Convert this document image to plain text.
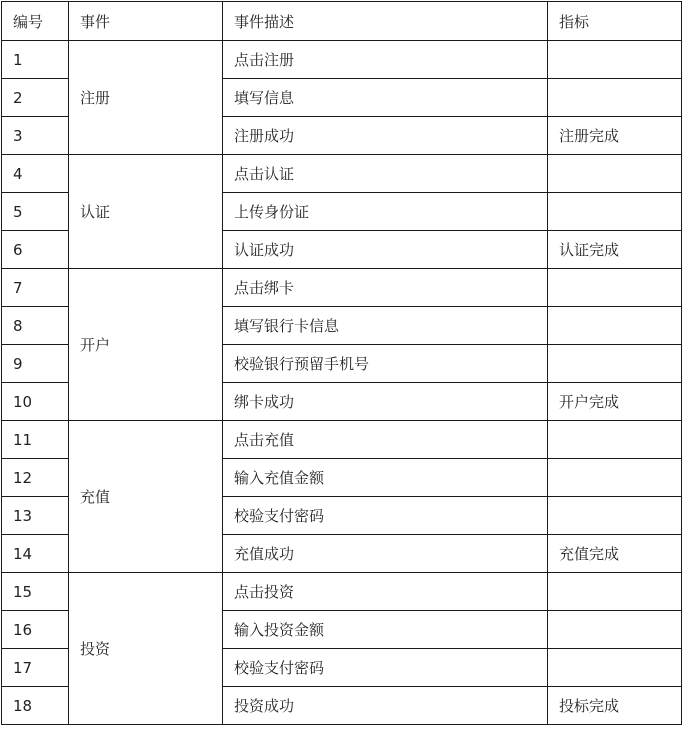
编号	事件	事件描述	指标
1	注册	点击注册	
2		填写信息	
3		注册成功	注册完成
4	认证	点击认证	
5		上传身份证	
6		认证成功	认证完成
7	开户	点击绑卡	
8		填写银行卡信息	
9		校验银行预留手机号	
10		绑卡成功	开户完成
11	充值	点击充值	
12		输入充值金额	
13		校验支付密码	
14		充值成功	充值完成
15	投资	点击投资	
16		输入投资金额	
17		校验支付密码	
18		投资成功	投标完成
